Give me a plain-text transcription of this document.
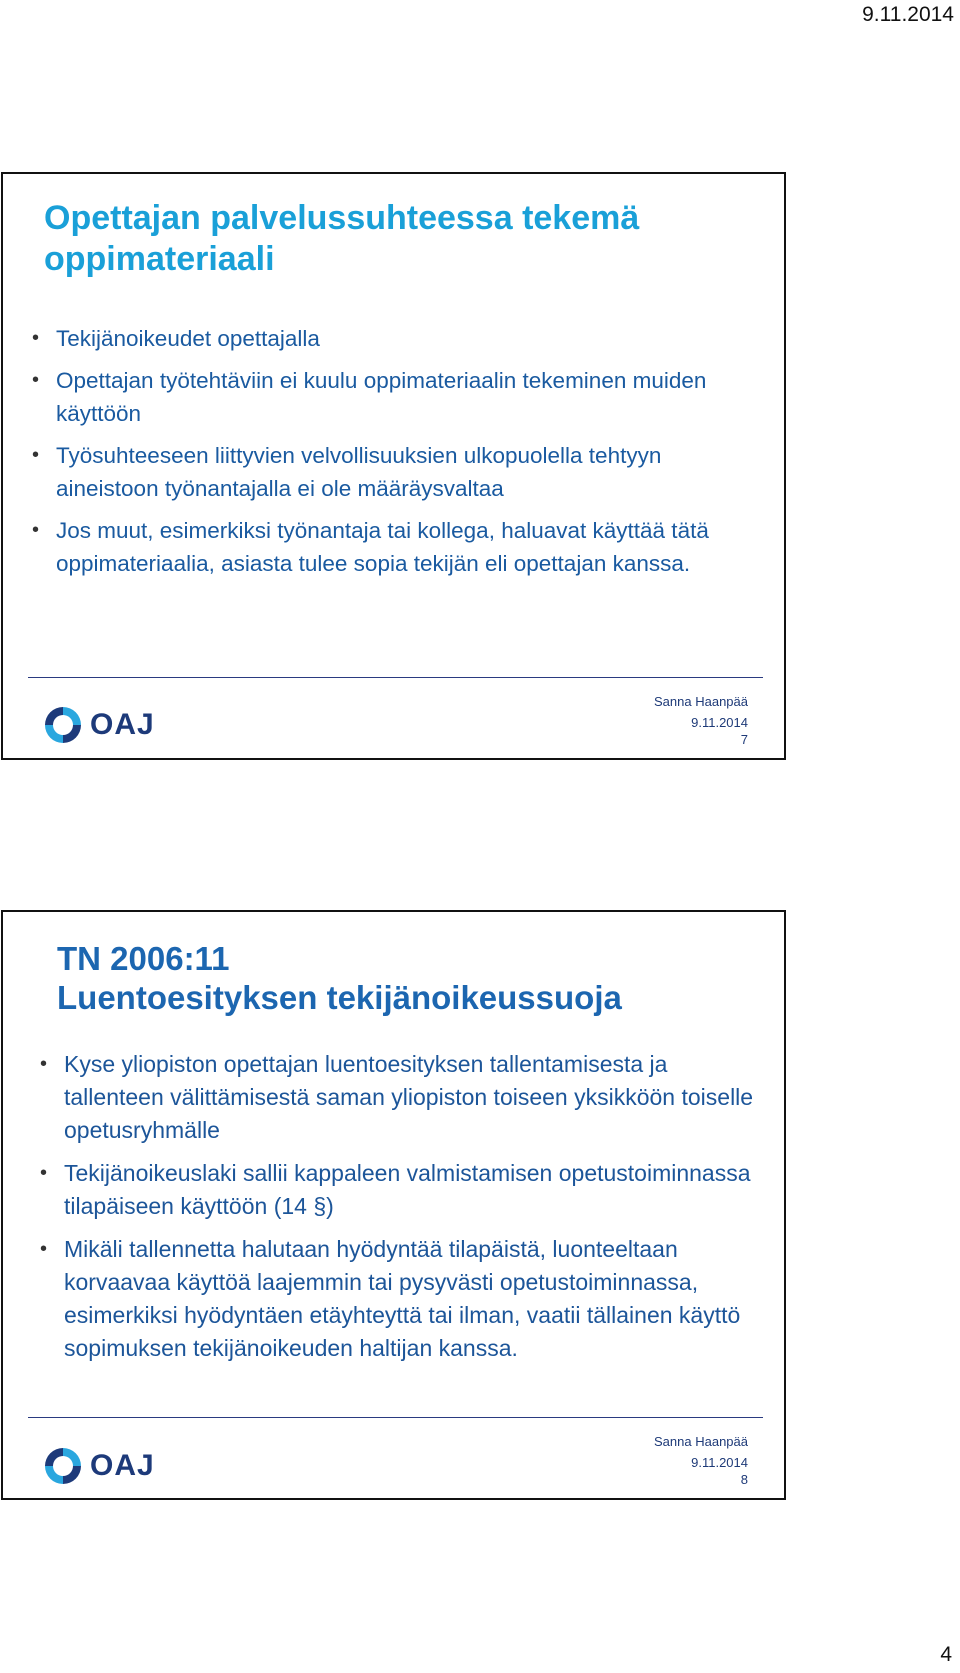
9.11.2014
Opettajan palvelussuhteessa tekemä
oppimateriaali
• Tekijänoikeudet opettajalla
• Opettajan työtehtäviin ei kuulu oppimateriaalin tekeminen muiden käyttöön
• Työsuhteeseen liittyvien velvollisuuksien ulkopuolella tehtyyn aineistoon työnantajalla ei ole määräysvaltaa
• Jos muut, esimerkiksi työnantaja tai kollega, haluavat käyttää tätä oppimateriaalia, asiasta tulee sopia tekijän eli opettajan kanssa.
OAJ
Sanna Haanpää
9.11.2014
7
TN 2006:11
Luentoesityksen tekijänoikeussuoja
• Kyse yliopiston opettajan luentoesityksen tallentamisesta ja tallenteen välittämisestä saman yliopiston toiseen yksikköön toiselle opetusryhmälle
• Tekijänoikeuslaki sallii kappaleen valmistamisen opetustoiminnassa tilapäiseen käyttöön (14 §)
• Mikäli tallennetta halutaan hyödyntää tilapäistä, luonteeltaan korvaavaa käyttöä laajemmin tai pysyvästi opetustoiminnassa, esimerkiksi hyödyntäen etäyhteyttä tai ilman, vaatii tällainen käyttö sopimuksen tekijänoikeuden haltijan kanssa.
OAJ
Sanna Haanpää
9.11.2014
8
4
